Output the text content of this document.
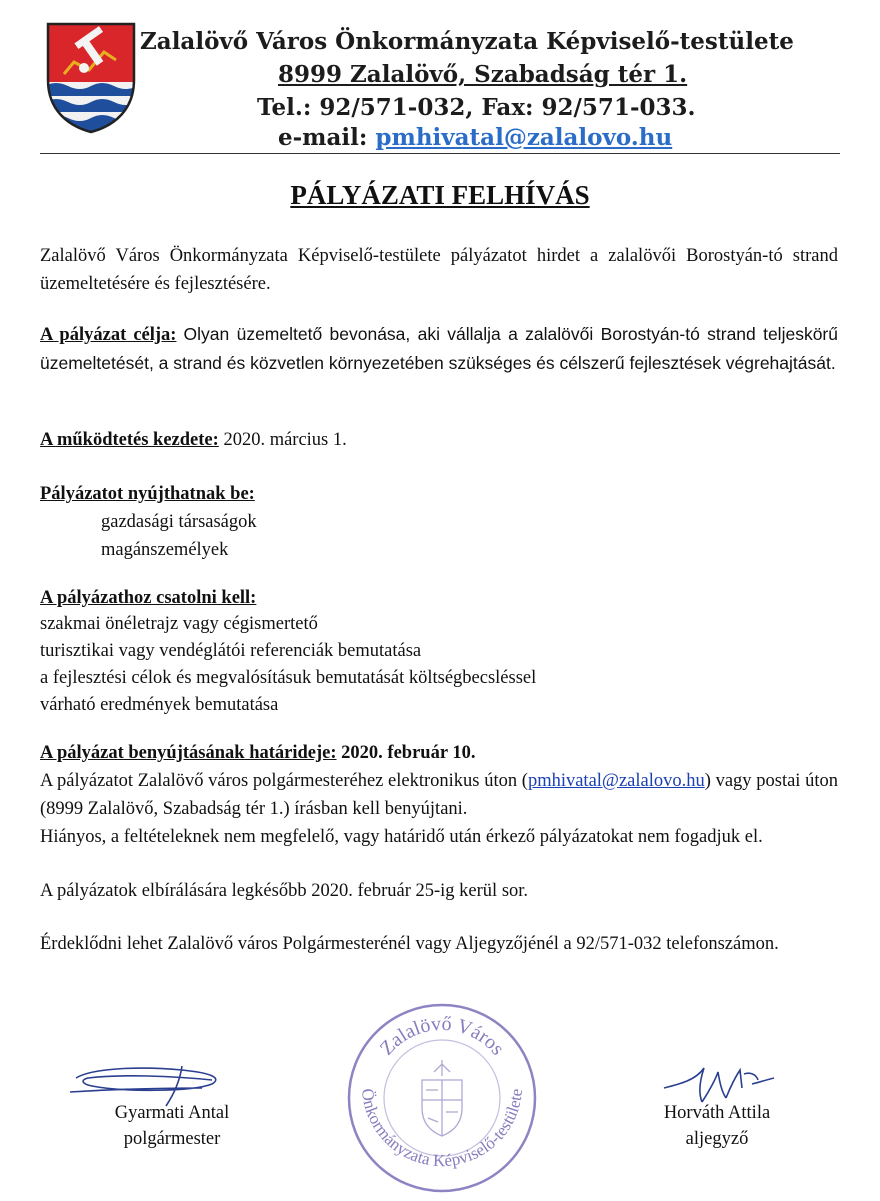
Zalalövő Város Önkormányzata Képviselő-testülete
8999 Zalalövő, Szabadság tér 1.
Tel.: 92/571-032, Fax: 92/571-033.
e-mail: pmhivatal@zalalovo.hu
PÁLYÁZATI FELHÍVÁS

Zalalövő Város Önkormányzata Képviselő-testülete pályázatot hirdet a zalalövői Borostyán-tó strand üzemeltetésére és fejlesztésére.

A pályázat célja: Olyan üzemeltető bevonása, aki vállalja a zalalövői Borostyán-tó strand teljeskörű üzemeltetését, a strand és közvetlen környezetében szükséges és célszerű fejlesztések végrehajtását.

A működtetés kezdete: 2020. március 1.
Pályázatot nyújthatnak be:
gazdasági társaságok
magánszemélyek
A pályázathoz csatolni kell:
szakmai önéletrajz vagy cégismertető
turisztikai vagy vendéglátói referenciák bemutatása
a fejlesztési célok és megvalósításuk bemutatását költségbecsléssel
várható eredmények bemutatása
A pályázat benyújtásának határideje: 2020. február 10.

A pályázatot Zalalövő város polgármesteréhez elektronikus úton (pmhivatal@zalalovo.hu) vagy postai úton (8999 Zalalövő, Szabadság tér 1.) írásban kell benyújtani.

Hiányos, a feltételeknek nem megfelelő, vagy határidő után érkező pályázatokat nem fogadjuk el.

A pályázatok elbírálására legkésőbb 2020. február 25-ig kerül sor.

Érdeklődni lehet Zalalövő város Polgármesterénél vagy Aljegyzőjénél a 92/571-032 telefonszámon.

Zalalövő Város
Önkormányzata Képviselő-testülete
Gyarmati Antal
polgármester
Horváth Attila
aljegyző
